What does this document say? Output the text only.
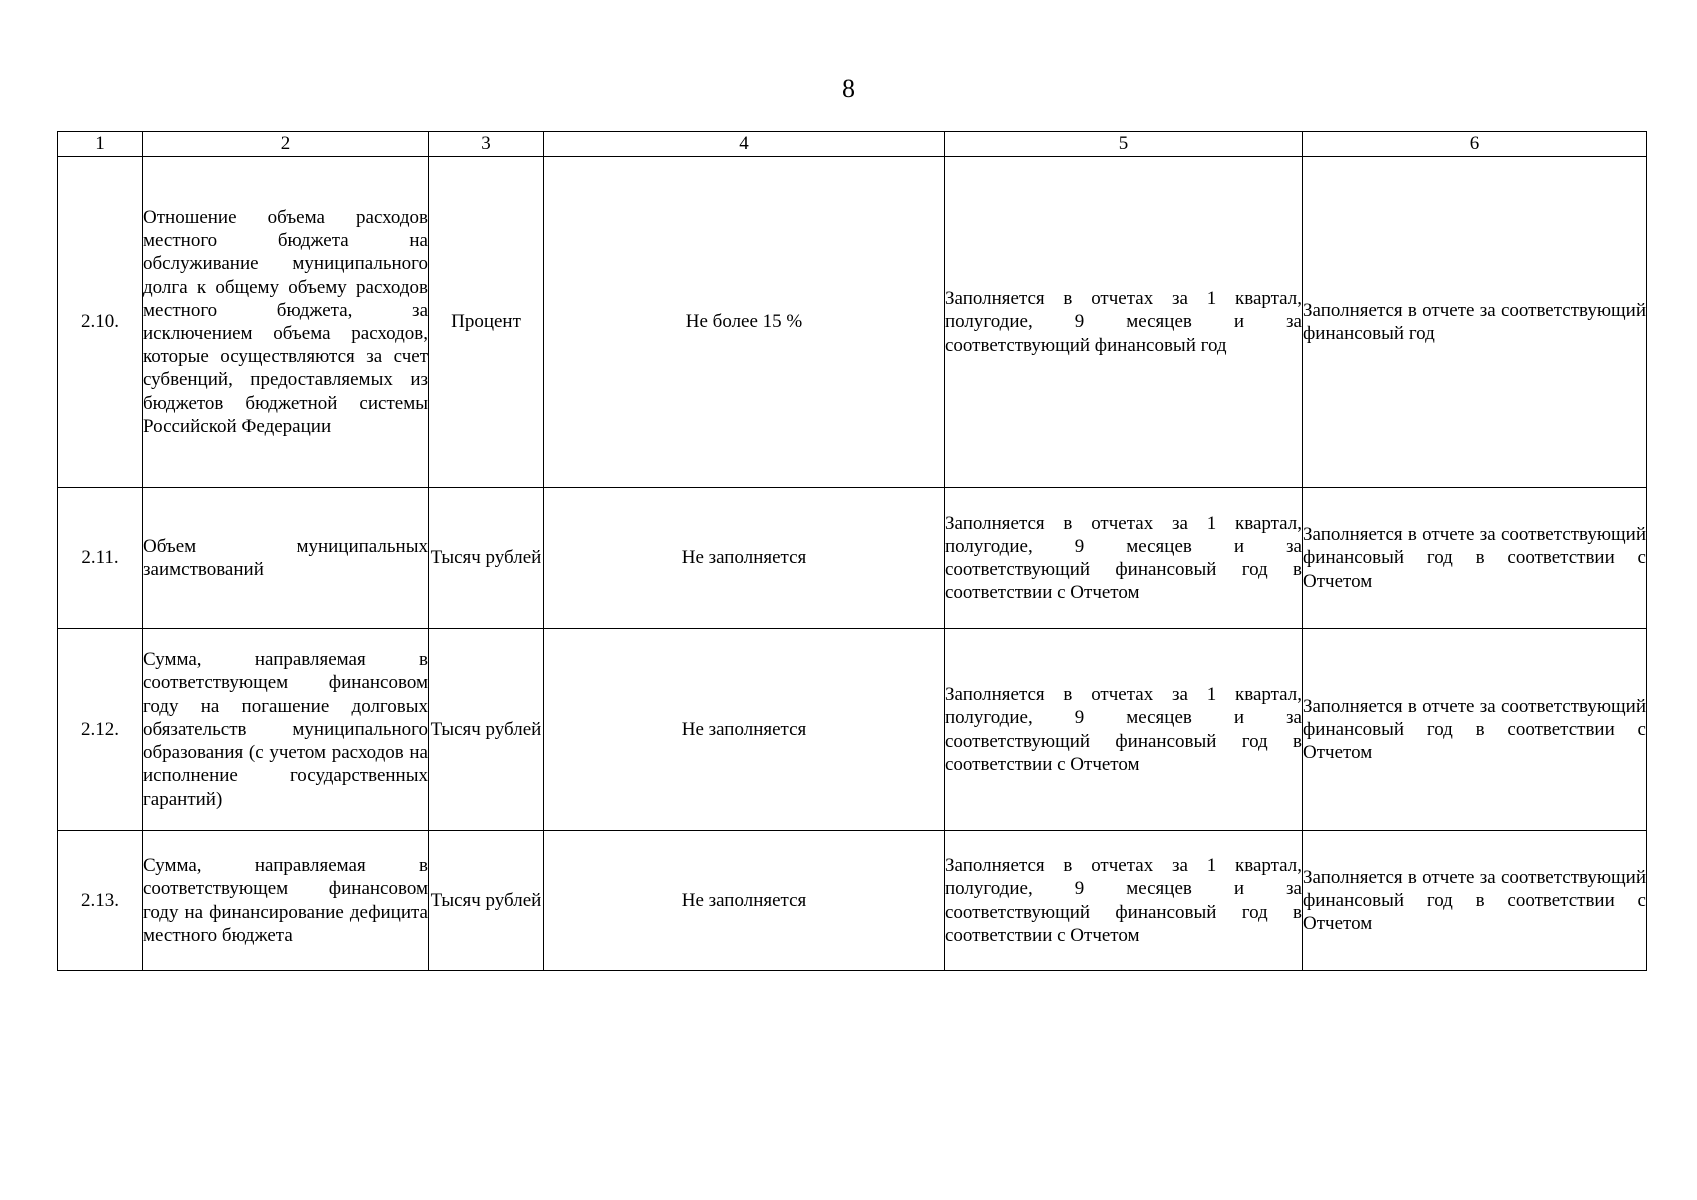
8
1	2	3	4	5	6
2.10.	Отношение объема расходов местного бюджета на обслуживание муниципального долга к общему объему расходов местного бюджета, за исключением объема расходов, которые осуществляются за счет субвенций, предоставляемых из бюджетов бюджетной системы Российской Федерации	Процент	Не более 15 %	Заполняется в отчетах за 1 квартал, полугодие, 9 месяцев и за соответствующий финансовый год	Заполняется в отчете за соответствующий финансовый год
2.11.	Объем муниципальных заимствований	Тысяч рублей	Не заполняется	Заполняется в отчетах за 1 квартал, полугодие, 9 месяцев и за соответствующий финансовый год в соответствии с Отчетом	Заполняется в отчете за соответствующий финансовый год в соответствии с Отчетом
2.12.	Сумма, направляемая в соответствующем финансовом году на погашение долговых обязательств муниципального образования (с учетом расходов на исполнение государственных гарантий)	Тысяч рублей	Не заполняется	Заполняется в отчетах за 1 квартал, полугодие, 9 месяцев и за соответствующий финансовый год в соответствии с Отчетом	Заполняется в отчете за соответствующий финансовый год в соответствии с Отчетом
2.13.	Сумма, направляемая в соответствующем финансовом году на финансирование дефицита местного бюджета	Тысяч рублей	Не заполняется	Заполняется в отчетах за 1 квартал, полугодие, 9 месяцев и за соответствующий финансовый год в соответствии с Отчетом	Заполняется в отчете за соответствующий финансовый год в соответствии с Отчетом
